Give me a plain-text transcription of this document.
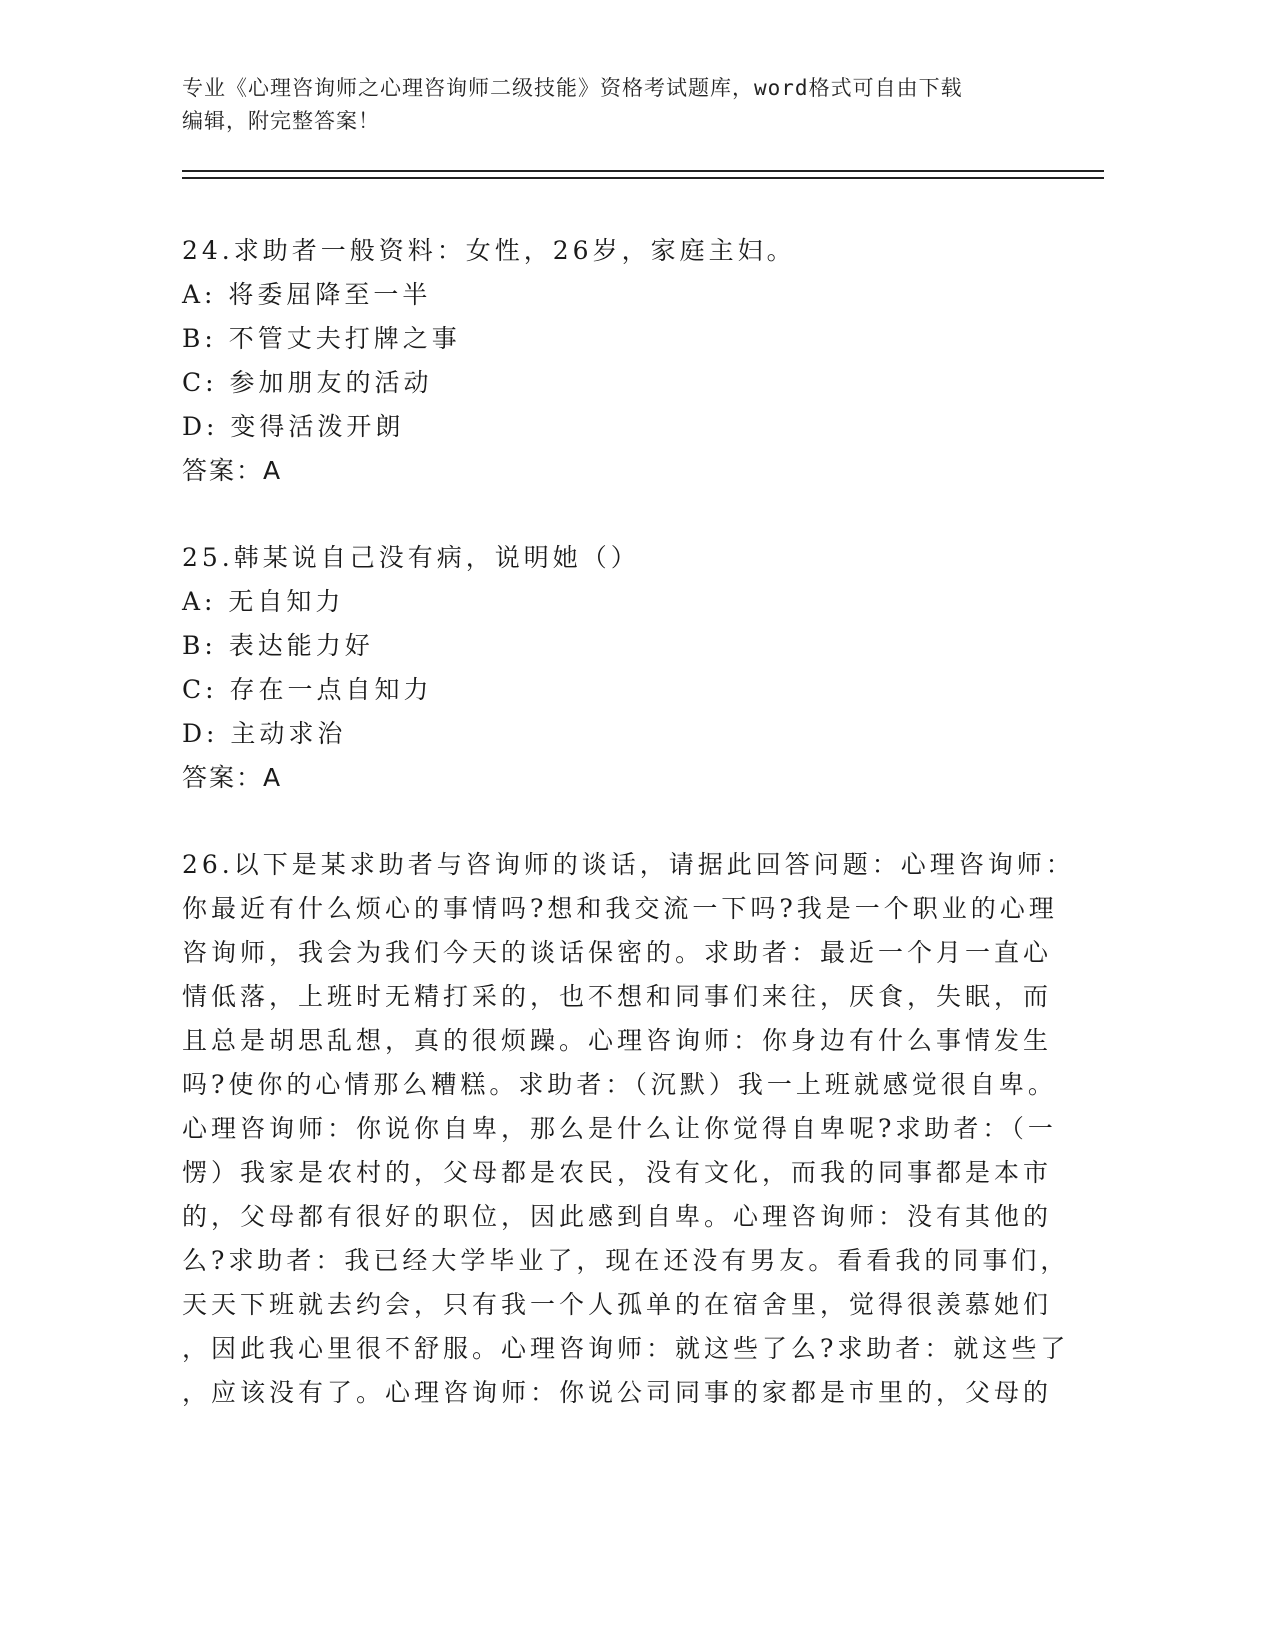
专业《心理咨询师之心理咨询师二级技能》资格考试题库，word格式可自由下载
编辑，附完整答案！
24.求助者一般资料：女性，26岁，家庭主妇。
A: 将委屈降至一半
B: 不管丈夫打牌之事
C: 参加朋友的活动
D: 变得活泼开朗
答案：A
25.韩某说自己没有病，说明她（）
A: 无自知力
B: 表达能力好
C: 存在一点自知力
D: 主动求治
答案：A
26.以下是某求助者与咨询师的谈话，请据此回答问题：心理咨询师：
你最近有什么烦心的事情吗?想和我交流一下吗?我是一个职业的心理
咨询师，我会为我们今天的谈话保密的。求助者：最近一个月一直心
情低落，上班时无精打采的，也不想和同事们来往，厌食，失眠，而
且总是胡思乱想，真的很烦躁。心理咨询师：你身边有什么事情发生
吗?使你的心情那么糟糕。求助者：（沉默）我一上班就感觉很自卑。
心理咨询师：你说你自卑，那么是什么让你觉得自卑呢?求助者：（一
愣）我家是农村的，父母都是农民，没有文化，而我的同事都是本市
的，父母都有很好的职位，因此感到自卑。心理咨询师：没有其他的
么?求助者：我已经大学毕业了，现在还没有男友。看看我的同事们，
天天下班就去约会，只有我一个人孤单的在宿舍里，觉得很羡慕她们
，因此我心里很不舒服。心理咨询师：就这些了么?求助者：就这些了
，应该没有了。心理咨询师：你说公司同事的家都是市里的，父母的
